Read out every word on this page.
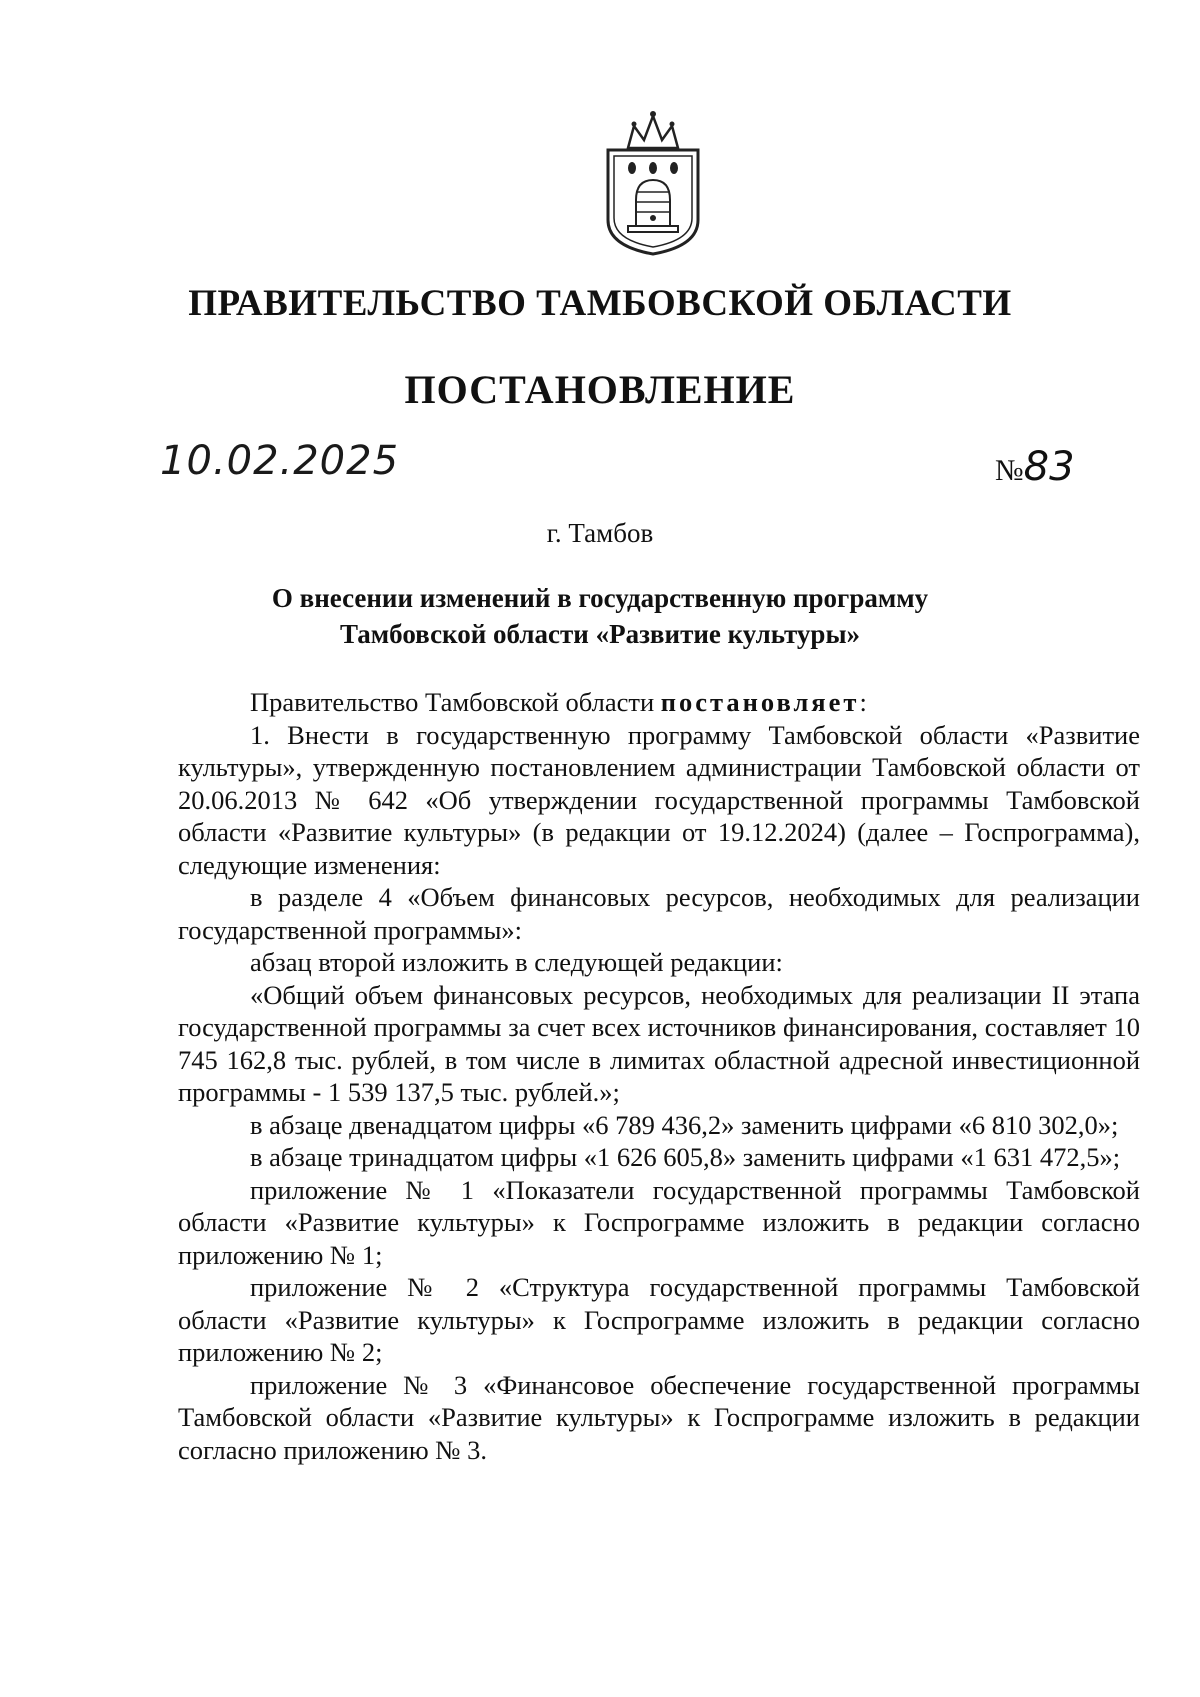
ПРАВИТЕЛЬСТВО ТАМБОВСКОЙ ОБЛАСТИ
ПОСТАНОВЛЕНИЕ
10.02.2025	№83
г. Тамбов
О внесении изменений в государственную программу
Тамбовской области «Развитие культуры»

Правительство Тамбовской области постановляет:

1. Внести в государственную программу Тамбовской области «Развитие культуры», утвержденную постановлением администрации Тамбовской области от 20.06.2013 № 642 «Об утверждении государственной программы Тамбовской области «Развитие культуры» (в редакции от 19.12.2024) (далее – Госпрограмма), следующие изменения:

в разделе 4 «Объем финансовых ресурсов, необходимых для реализации государственной программы»:

абзац второй изложить в следующей редакции:

«Общий объем финансовых ресурсов, необходимых для реализации II этапа государственной программы за счет всех источников финансирования, составляет 10 745 162,8 тыс. рублей, в том числе в лимитах областной адресной инвестиционной программы - 1 539 137,5 тыс. рублей.»;

в абзаце двенадцатом цифры «6 789 436,2» заменить цифрами «6 810 302,0»;

в абзаце тринадцатом цифры «1 626 605,8» заменить цифрами «1 631 472,5»;

приложение № 1 «Показатели государственной программы Тамбовской области «Развитие культуры» к Госпрограмме изложить в редакции согласно приложению № 1;

приложение № 2 «Структура государственной программы Тамбовской области «Развитие культуры» к Госпрограмме изложить в редакции согласно приложению № 2;

приложение № 3 «Финансовое обеспечение государственной программы Тамбовской области «Развитие культуры» к Госпрограмме изложить в редакции согласно приложению № 3.
